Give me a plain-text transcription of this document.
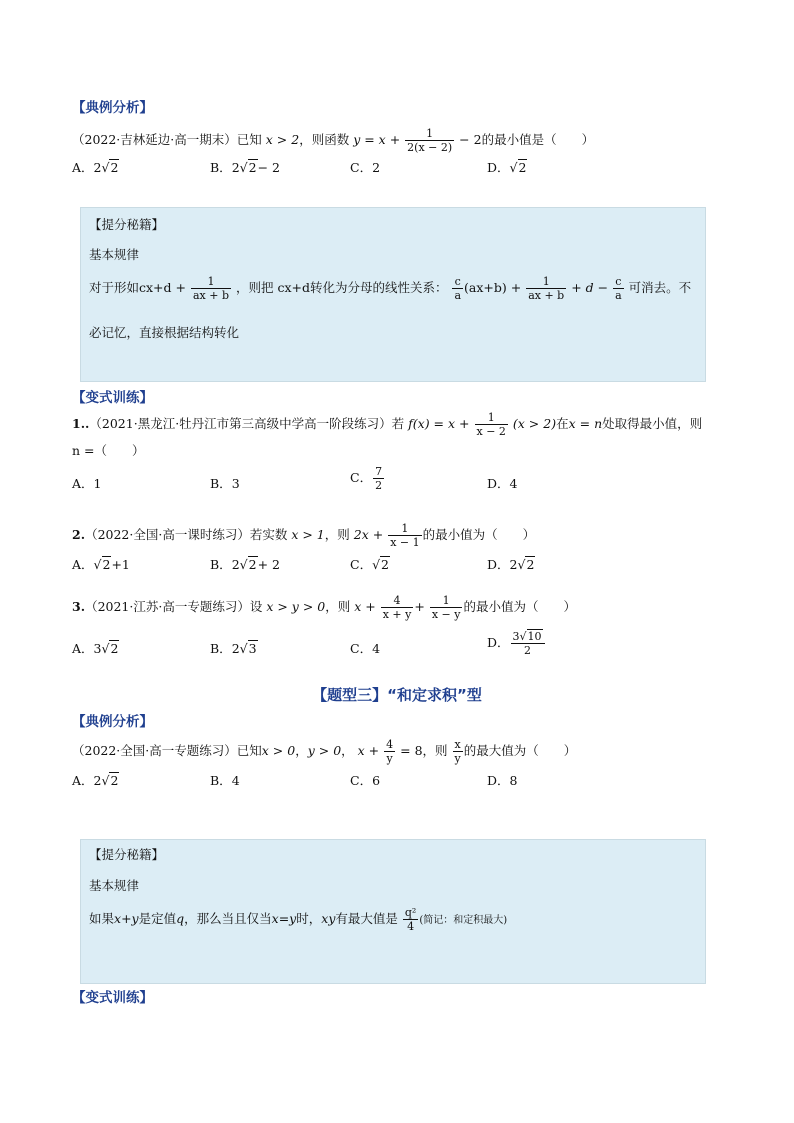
【典例分析】
（2022·吉林延边·高一期末）已知 x > 2，则函数 $y = x + \frac{1}{2(x - 2)} - 2$的最小值是（　　）
A．2√2	B．2√2− 2	C．2	D．√2
【提分秘籍】
基本规律
对于形如$cx+d + \frac{1}{ax + b}$ ，则把 cx+d转化为分母的线性关系： $\frac{c}{a} (ax+b) + \frac{1}{ax + b} + d - \frac{c}{a}$ 可消去。不
必记忆，直接根据结构转化
【变式训练】
1..（2021·黑龙江·牡丹江市第三高级中学高一阶段练习）若 $f(x) = x + \frac{1}{x - 2} (x > 2)$在x = n处取得最小值，则
n =（　　）
A．1	B．3	C． $\frac{7}{2}$	D．4
2.（2022·全国·高一课时练习）若实数 x > 1，则 $2x + \frac{1}{x - 1}$ 的最小值为（　　）
A．√2+1	B．2√2+ 2	C．√2	D．2√2
3.（2021·江苏·高一专题练习）设 x > y > 0，则 $x + \frac{4}{x + y} + \frac{1}{x - y}$ 的最小值为（　　）
A．3√2	B．2√3	C．4	D． $\frac{3√10}{2}$
【题型三】“和定求积”型
【典例分析】
（2022·全国·高一专题练习）已知x > 0，y > 0， $x + \frac{4}{y} = 8$，则 $\frac{x}{y}$ 的最大值为（　　）
A．2√2	B．4	C．6	D．8
【提分秘籍】
基本规律
如果x+y是定值q，那么当且仅当x=y时，xy有最大值是 $\frac{\text{q²}}{4}$ (简记：和定积最大)
【变式训练】
